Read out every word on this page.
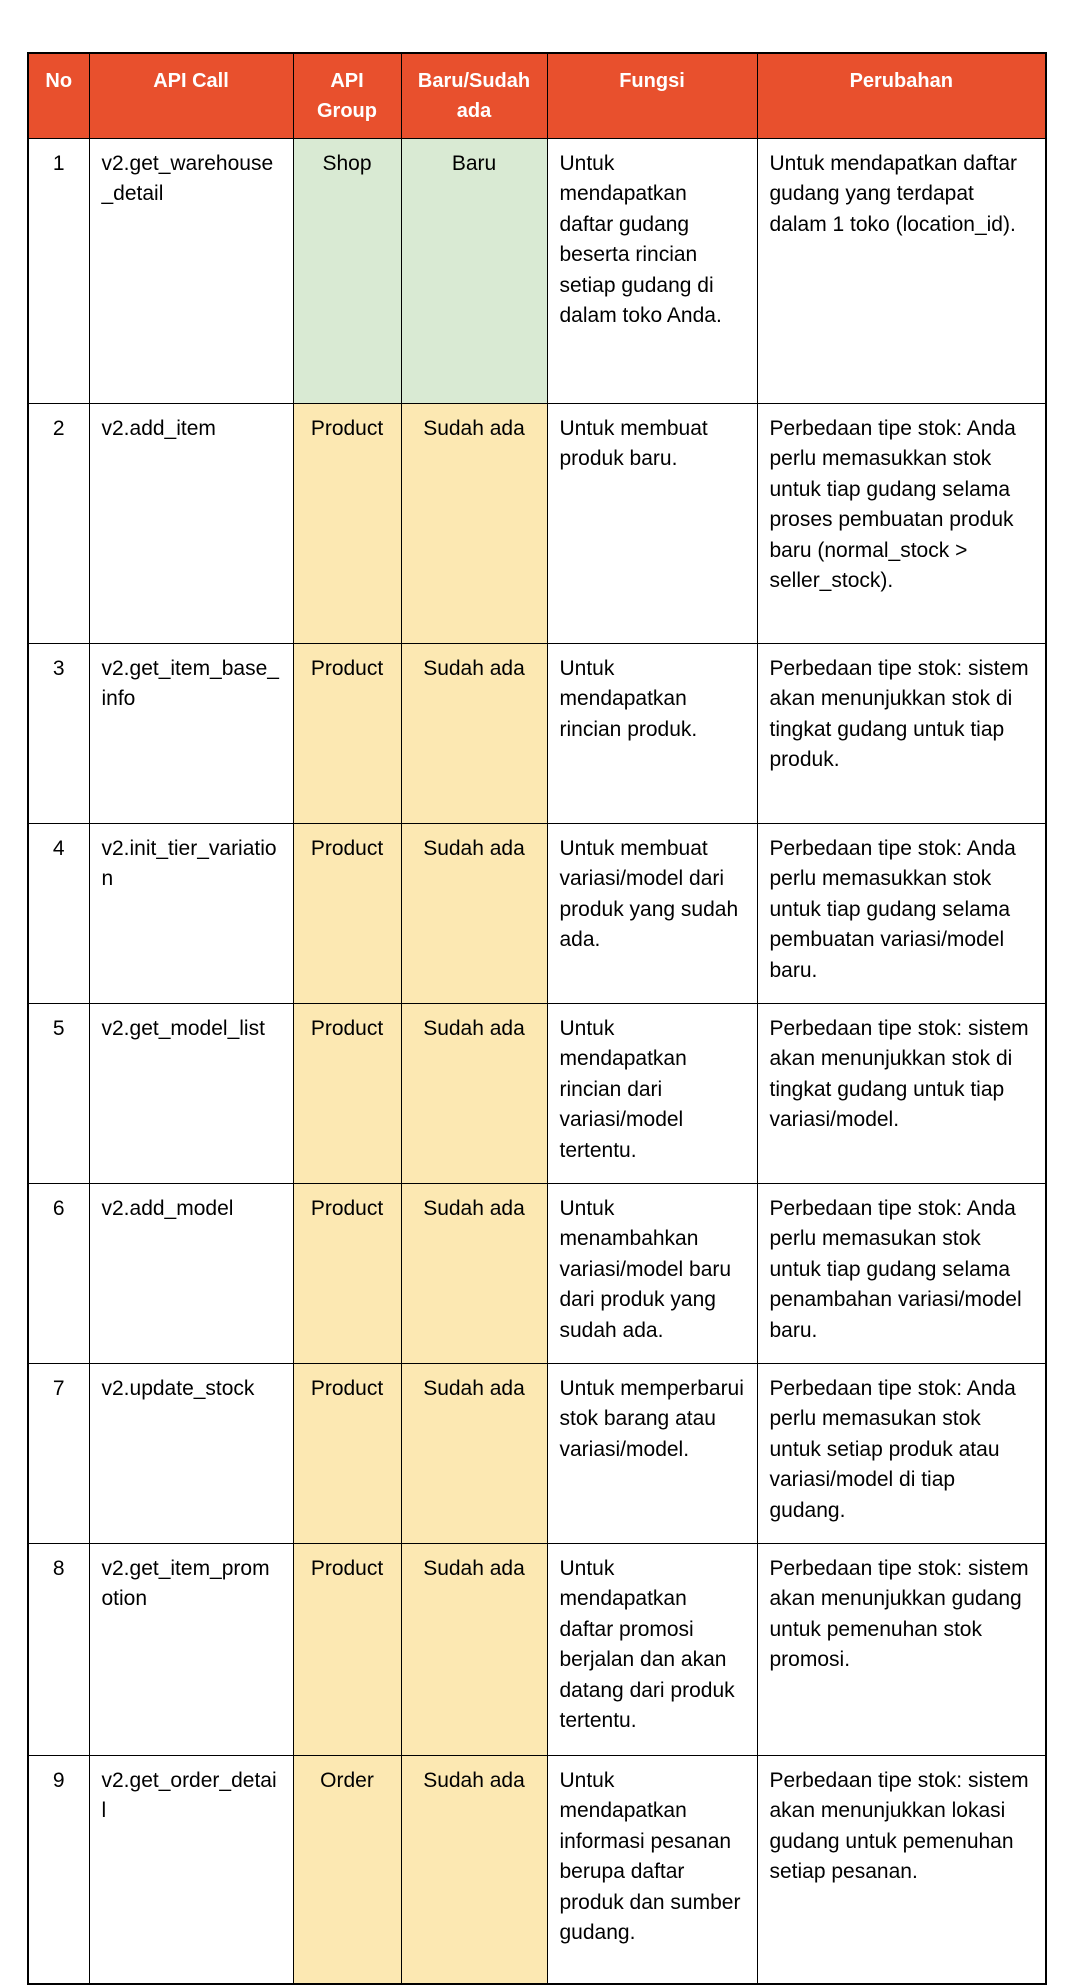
No	API Call	API Group	Baru/Sudah ada	Fungsi	Perubahan
1	v2.get_warehouse_detail	Shop	Baru	Untuk mendapatkan daftar gudang beserta rincian setiap gudang di dalam toko Anda.	Untuk mendapatkan daftar gudang yang terdapat dalam 1 toko (location_id).
2	v2.add_item	Product	Sudah ada	Untuk membuat produk baru.	Perbedaan tipe stok: Anda perlu memasukkan stok untuk tiap gudang selama proses pembuatan produk baru (normal_stock > seller_stock).
3	v2.get_item_base_info	Product	Sudah ada	Untuk mendapatkan rincian produk.	Perbedaan tipe stok: sistem akan menunjukkan stok di tingkat gudang untuk tiap produk.
4	v2.init_tier_variation	Product	Sudah ada	Untuk membuat variasi/model dari produk yang sudah ada.	Perbedaan tipe stok: Anda perlu memasukkan stok untuk tiap gudang selama pembuatan variasi/model baru.
5	v2.get_model_list	Product	Sudah ada	Untuk mendapatkan rincian dari variasi/model tertentu.	Perbedaan tipe stok: sistem akan menunjukkan stok di tingkat gudang untuk tiap variasi/model.
6	v2.add_model	Product	Sudah ada	Untuk menambahkan variasi/model baru dari produk yang sudah ada.	Perbedaan tipe stok: Anda perlu memasukan stok untuk tiap gudang selama penambahan variasi/model baru.
7	v2.update_stock	Product	Sudah ada	Untuk memperbarui stok barang atau variasi/model.	Perbedaan tipe stok: Anda perlu memasukan stok untuk setiap produk atau variasi/model di tiap gudang.
8	v2.get_item_promotion	Product	Sudah ada	Untuk mendapatkan daftar promosi berjalan dan akan datang dari produk tertentu.	Perbedaan tipe stok: sistem akan menunjukkan gudang untuk pemenuhan stok promosi.
9	v2.get_order_detail	Order	Sudah ada	Untuk mendapatkan informasi pesanan berupa daftar produk dan sumber gudang.	Perbedaan tipe stok: sistem akan menunjukkan lokasi gudang untuk pemenuhan setiap pesanan.
